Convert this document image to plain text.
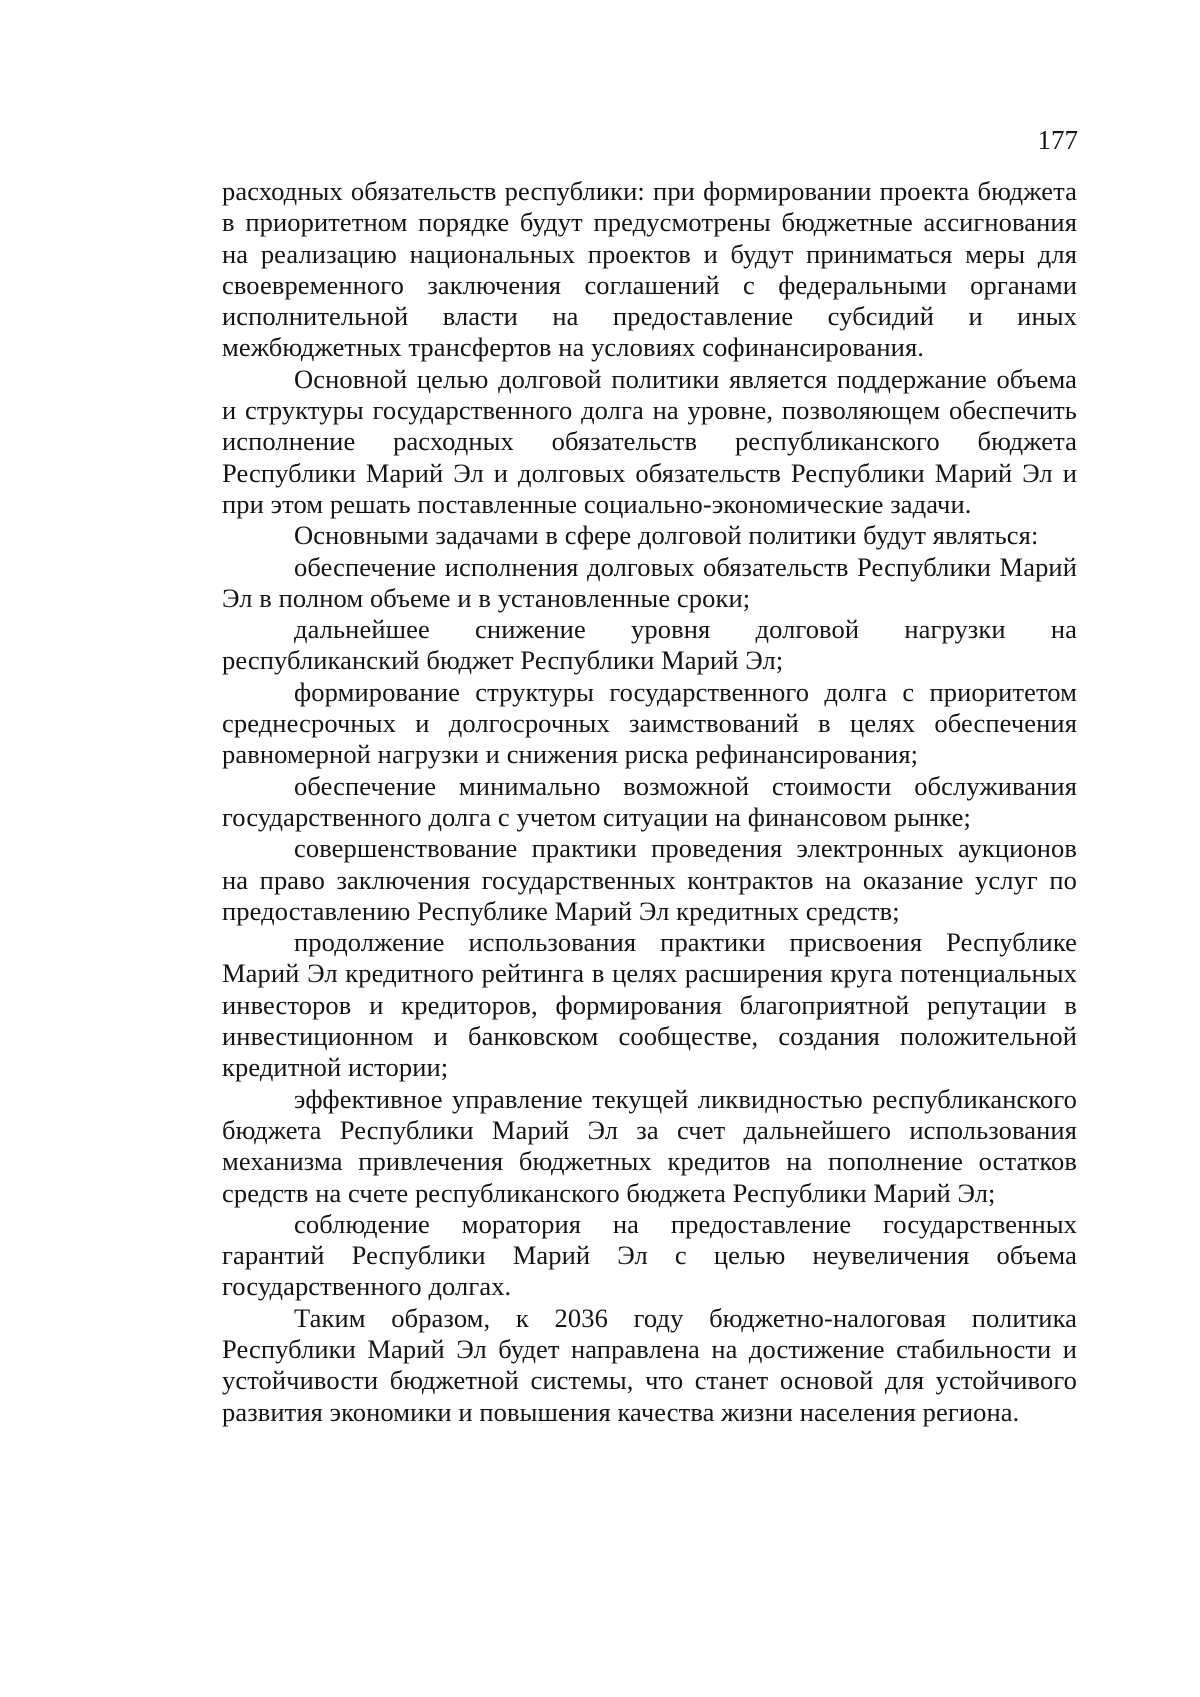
177

расходных обязательств республики: при формировании проекта бюджета в приоритетном порядке будут предусмотрены бюджетные ассигнования на реализацию национальных проектов и будут приниматься меры для своевременного заключения соглашений с федеральными органами исполнительной власти на предоставление субсидий и иных межбюджетных трансфертов на условиях софинансирования.

Основной целью долговой политики является поддержание объема и структуры государственного долга на уровне, позволяющем обеспечить исполнение расходных обязательств республиканского бюджета Республики Марий Эл и долговых обязательств Республики Марий Эл и при этом решать поставленные социально-экономические задачи.

Основными задачами в сфере долговой политики будут являться:

обеспечение исполнения долговых обязательств Республики Марий Эл в полном объеме и в установленные сроки;

дальнейшее снижение уровня долговой нагрузки на республиканский бюджет Республики Марий Эл;

формирование структуры государственного долга с приоритетом среднесрочных и долгосрочных заимствований в целях обеспечения равномерной нагрузки и снижения риска рефинансирования;

обеспечение минимально возможной стоимости обслуживания государственного долга с учетом ситуации на финансовом рынке;

совершенствование практики проведения электронных аукционов на право заключения государственных контрактов на оказание услуг по предоставлению Республике Марий Эл кредитных средств;

продолжение использования практики присвоения Республике Марий Эл кредитного рейтинга в целях расширения круга потенциальных инвесторов и кредиторов, формирования благоприятной репутации в инвестиционном и банковском сообществе, создания положительной кредитной истории;

эффективное управление текущей ликвидностью республиканского бюджета Республики Марий Эл за счет дальнейшего использования механизма привлечения бюджетных кредитов на пополнение остатков средств на счете республиканского бюджета Республики Марий Эл;

соблюдение моратория на предоставление государственных гарантий Республики Марий Эл с целью неувеличения объема государственного долгах.

Таким образом, к 2036 году бюджетно-налоговая политика Республики Марий Эл будет направлена на достижение стабильности и устойчивости бюджетной системы, что станет основой для устойчивого развития экономики и повышения качества жизни населения региона.
